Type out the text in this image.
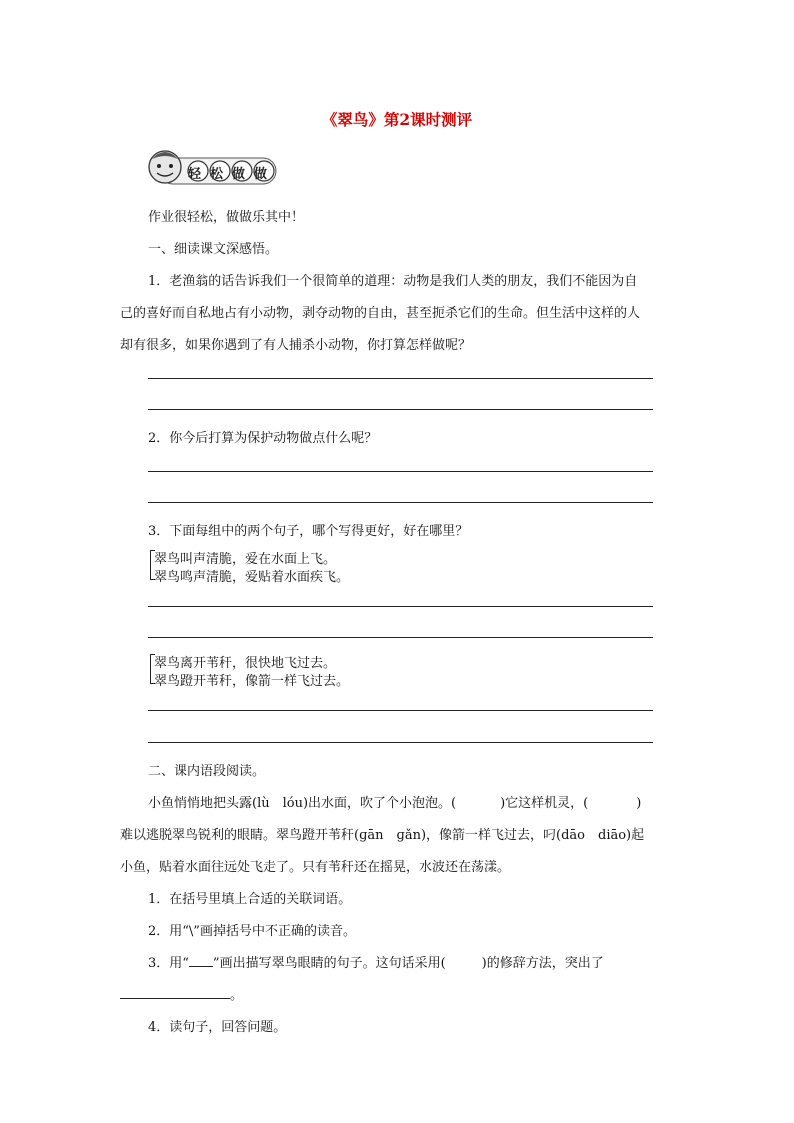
《翠鸟》第2课时测评
轻松做做
作业很轻松，做做乐其中！
一、细读课文深感悟。
1．老渔翁的话告诉我们一个很简单的道理：动物是我们人类的朋友，我们不能因为自
己的喜好而自私地占有小动物，剥夺动物的自由，甚至扼杀它们的生命。但生活中这样的人
却有很多，如果你遇到了有人捕杀小动物，你打算怎样做呢？
2．你今后打算为保护动物做点什么呢？
3．下面每组中的两个句子，哪个写得更好，好在哪里？
翠鸟叫声清脆，爱在水面上飞。
翠鸟鸣声清脆，爱贴着水面疾飞。
翠鸟离开苇秆，很快地飞过去。
翠鸟蹬开苇秆，像箭一样飞过去。
二、课内语段阅读。
小鱼悄悄地把头露(lù　lóu)出水面，吹了个小泡泡。(	)它这样机灵，(	)
难以逃脱翠鸟锐利的眼睛。翠鸟蹬开苇秆(ɡān　ɡǎn)，像箭一样飞过去，叼(dāo　diāo)起
小鱼，贴着水面往远处飞走了。只有苇秆还在摇晃，水波还在荡漾。
1．在括号里填上合适的关联词语。
2．用“\”画掉括号中不正确的读音。
3．用“ ”画出描写翠鸟眼睛的句子。这句话采用(	)的修辞方法，突出了
。
4．读句子，回答问题。
